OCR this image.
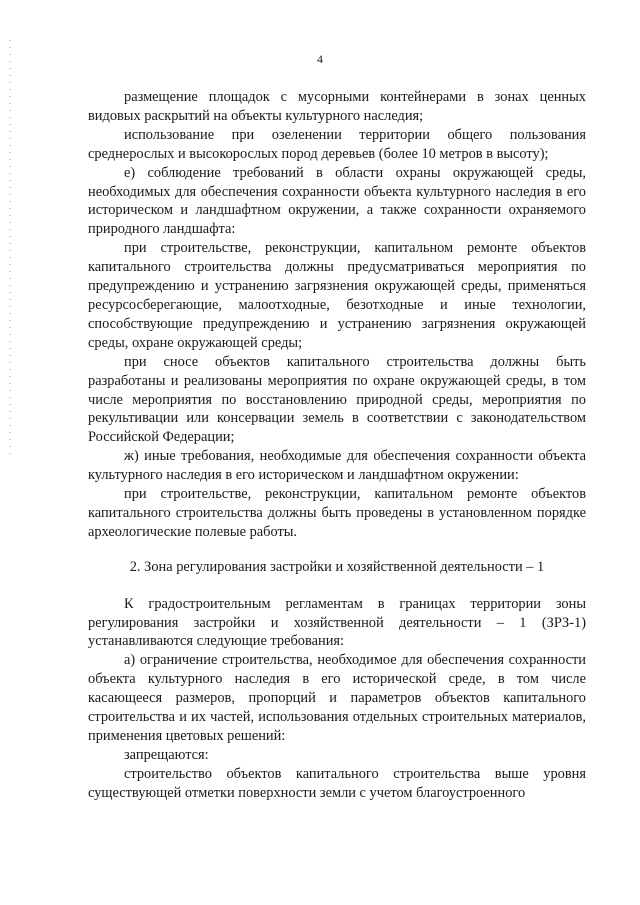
4

размещение площадок с мусорными контейнерами в зонах ценных видовых раскрытий на объекты культурного наследия;

использование при озеленении территории общего пользования среднерослых и высокорослых пород деревьев (более 10 метров в высоту);

е) соблюдение требований в области охраны окружающей среды, необходимых для обеспечения сохранности объекта культурного наследия в его историческом и ландшафтном окружении, а также сохранности охраняемого природного ландшафта:

при строительстве, реконструкции, капитальном ремонте объектов капитального строительства должны предусматриваться мероприятия по предупреждению и устранению загрязнения окружающей среды, применяться ресурсосберегающие, малоотходные, безотходные и иные технологии, способствующие предупреждению и устранению загрязнения окружающей среды, охране окружающей среды;

при сносе объектов капитального строительства должны быть разработаны и реализованы мероприятия по охране окружающей среды, в том числе мероприятия по восстановлению природной среды, мероприятия по рекультивации или консервации земель в соответствии с законодательством Российской Федерации;

ж) иные требования, необходимые для обеспечения сохранности объекта культурного наследия в его историческом и ландшафтном окружении:

при строительстве, реконструкции, капитальном ремонте объектов капитального строительства должны быть проведены в установленном порядке археологические полевые работы.

2. Зона регулирования застройки и хозяйственной деятельности – 1

К градостроительным регламентам в границах территории зоны регулирования застройки и хозяйственной деятельности – 1 (ЗРЗ-1) устанавливаются следующие требования:

а) ограничение строительства, необходимое для обеспечения сохранности объекта культурного наследия в его исторической среде, в том числе касающееся размеров, пропорций и параметров объектов капитального строительства и их частей, использования отдельных строительных материалов, применения цветовых решений:

запрещаются:

строительство объектов капитального строительства выше уровня существующей отметки поверхности земли с учетом благоустроенного
